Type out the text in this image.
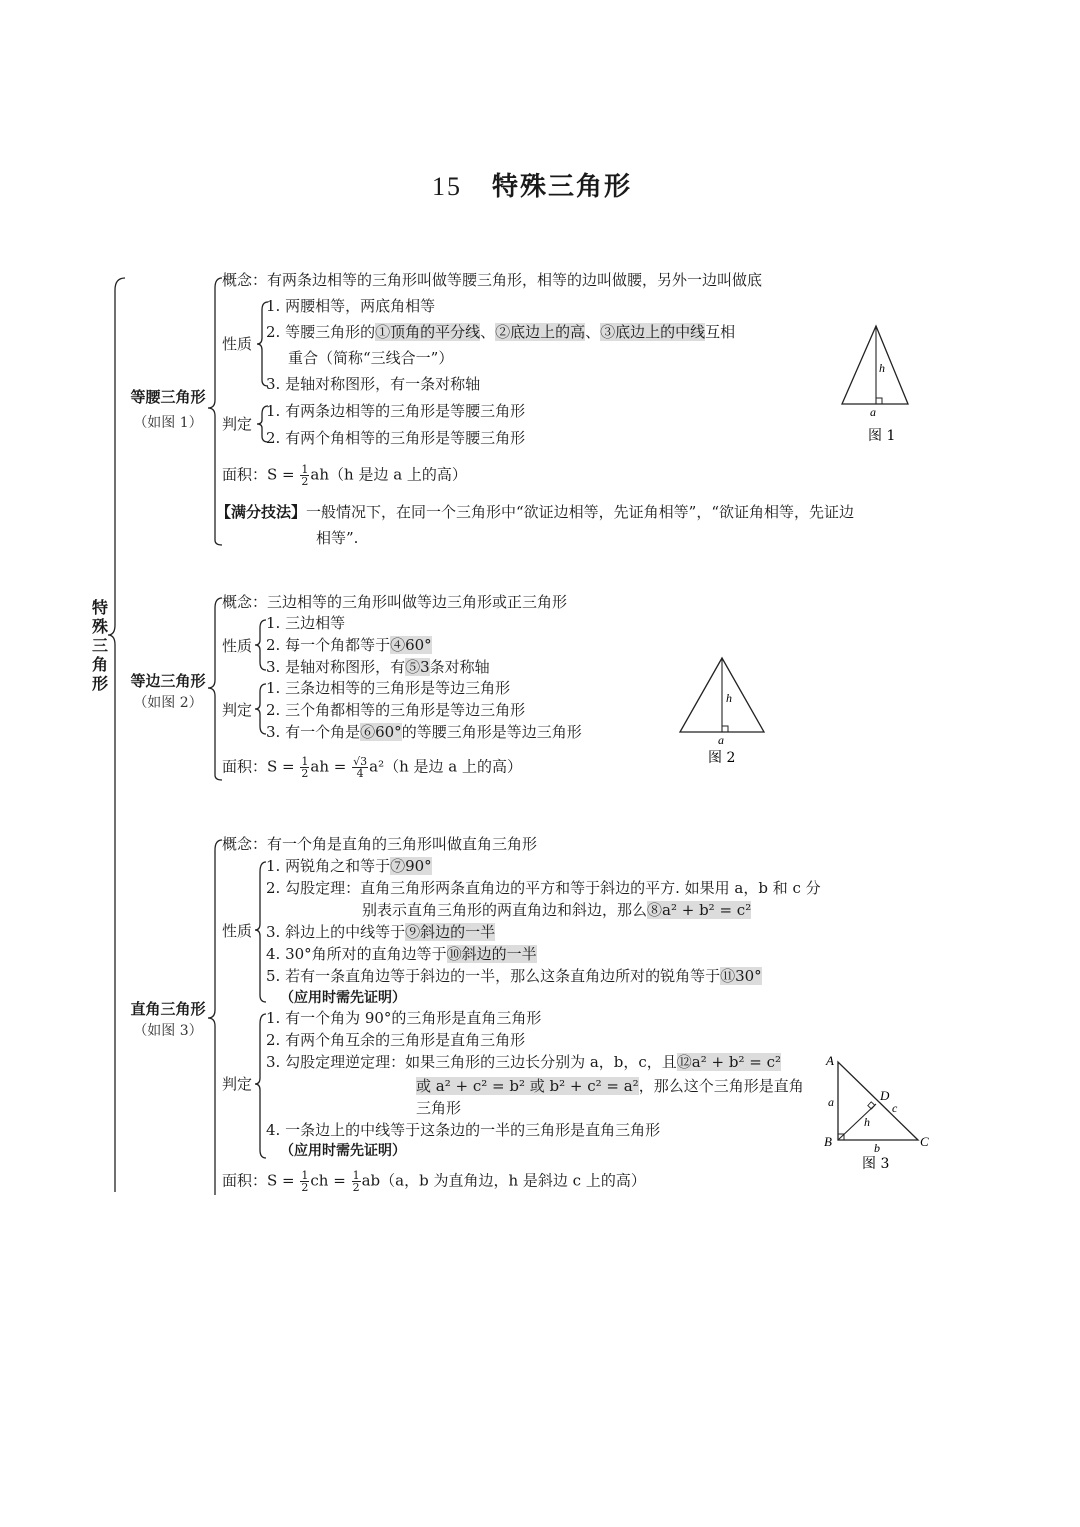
15 特殊三角形
特殊三角形
等腰三角形
（如图 1）
概念：有两条边相等的三角形叫做等腰三角形，相等的边叫做腰，另外一边叫做底
性质
1. 两腰相等，两底角相等
2. 等腰三角形的①顶角的平分线、②底边上的高、③底边上的中线互相
重合（简称“三线合一”）
3. 是轴对称图形，有一条对称轴
判定
1. 有两条边相等的三角形是等腰三角形
2. 有两个角相等的三角形是等腰三角形
面积：$S = \frac{1}{2} ah(h$ 是边 a 上的高）
【满分技法】一般情况下，在同一个三角形中“欲证边相等，先证角相等”，“欲证角相等，先证边
相等”.
h
a
图 1
等边三角形
（如图 2）
概念：三边相等的三角形叫做等边三角形或正三角形
性质
1. 三边相等
2. 每一个角都等于④60°
3. 是轴对称图形，有⑤3条对称轴
判定
1. 三条边相等的三角形是等边三角形
2. 三个角都相等的三角形是等边三角形
3. 有一个角是⑥60°的等腰三角形是等边三角形
面积：$S = \frac{1}{2}$ ah = $\frac{√3}{4} a^2(h$ 是边 a 上的高）
h
a
图 2
直角三角形
（如图 3）
概念：有一个角是直角的三角形叫做直角三角形
性质
1. 两锐角之和等于⑦90°
2. 勾股定理：直角三角形两条直角边的平方和等于斜边的平方. 如果用 a，b 和 c 分
别表示直角三角形的两直角边和斜边，那么⑧a² + b² = c²
3. 斜边上的中线等于⑨斜边的一半
4. 30°角所对的直角边等于⑩斜边的一半
5. 若有一条直角边等于斜边的一半，那么这条直角边所对的锐角等于⑪30°
（应用时需先证明）
判定
1. 有一个角为 90°的三角形是直角三角形
2. 有两个角互余的三角形是直角三角形
3. 勾股定理逆定理：如果三角形的三边长分别为 a，b，c，且⑫a² + b² = c²
或 a² + c² = b² 或 b² + c² = a²，那么这个三角形是直角
三角形
4. 一条边上的中线等于这条边的一半的三角形是直角三角形
（应用时需先证明）
面积：$S = \frac{1}{2}$ ch = $\frac{1}{2} ab(a$，b 为直角边，h 是斜边 c 上的高）
A
B	C
D
a
b
c
h
图 3
